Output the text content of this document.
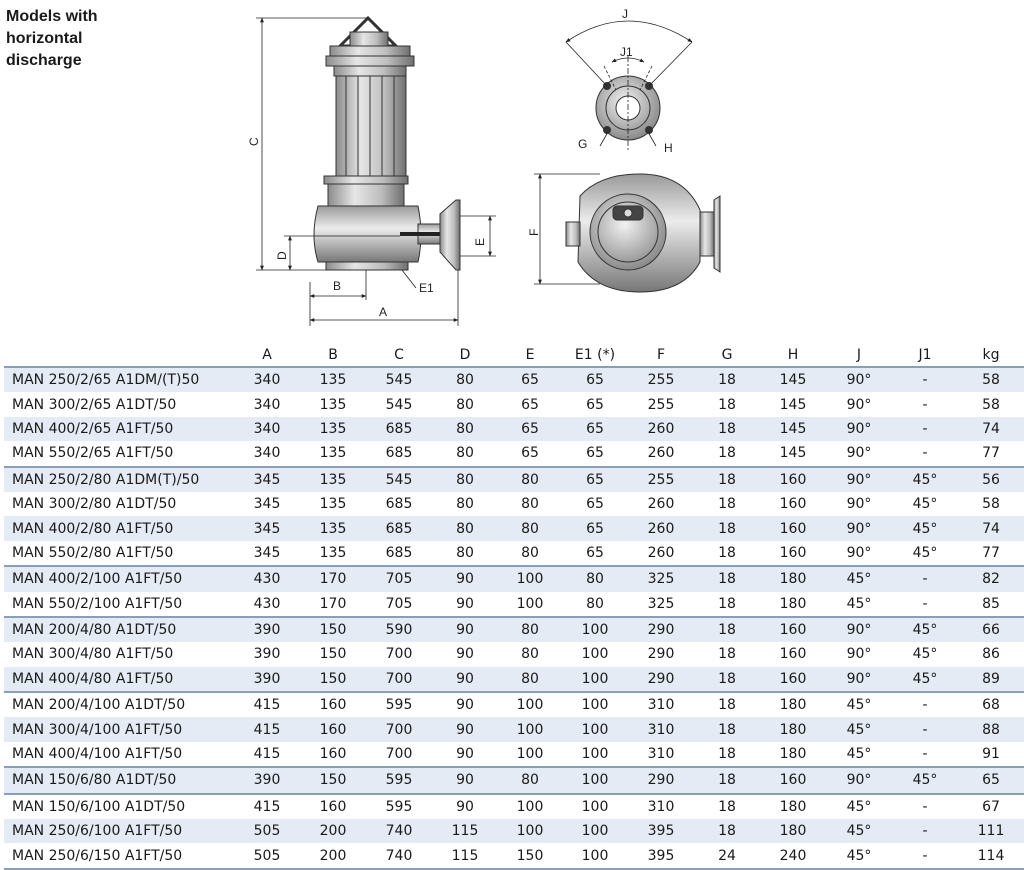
Models with
horizontal
discharge
C
D
E
B
A
E1
J
J1
G	H
F
	A	B	C	D	E	E1 (*)	F	G	H	J	J1	kg
MAN 250/2/65 A1DM/(T)50	340	135	545	80	65	65	255	18	145	90°	-	58
MAN 300/2/65 A1DT/50	340	135	545	80	65	65	255	18	145	90°	-	58
MAN 400/2/65 A1FT/50	340	135	685	80	65	65	260	18	145	90°	-	74
MAN 550/2/65 A1FT/50	340	135	685	80	65	65	260	18	145	90°	-	77
MAN 250/2/80 A1DM(T)/50	345	135	545	80	80	65	255	18	160	90°	45°	56
MAN 300/2/80 A1DT/50	345	135	685	80	80	65	260	18	160	90°	45°	58
MAN 400/2/80 A1FT/50	345	135	685	80	80	65	260	18	160	90°	45°	74
MAN 550/2/80 A1FT/50	345	135	685	80	80	65	260	18	160	90°	45°	77
MAN 400/2/100 A1FT/50	430	170	705	90	100	80	325	18	180	45°	-	82
MAN 550/2/100 A1FT/50	430	170	705	90	100	80	325	18	180	45°	-	85
MAN 200/4/80 A1DT/50	390	150	590	90	80	100	290	18	160	90°	45°	66
MAN 300/4/80 A1FT/50	390	150	700	90	80	100	290	18	160	90°	45°	86
MAN 400/4/80 A1FT/50	390	150	700	90	80	100	290	18	160	90°	45°	89
MAN 200/4/100 A1DT/50	415	160	595	90	100	100	310	18	180	45°	-	68
MAN 300/4/100 A1FT/50	415	160	700	90	100	100	310	18	180	45°	-	88
MAN 400/4/100 A1FT/50	415	160	700	90	100	100	310	18	180	45°	-	91
MAN 150/6/80 A1DT/50	390	150	595	90	80	100	290	18	160	90°	45°	65
MAN 150/6/100 A1DT/50	415	160	595	90	100	100	310	18	180	45°	-	67
MAN 250/6/100 A1FT/50	505	200	740	115	100	100	395	18	180	45°	-	111
MAN 250/6/150 A1FT/50	505	200	740	115	150	100	395	24	240	45°	-	114
